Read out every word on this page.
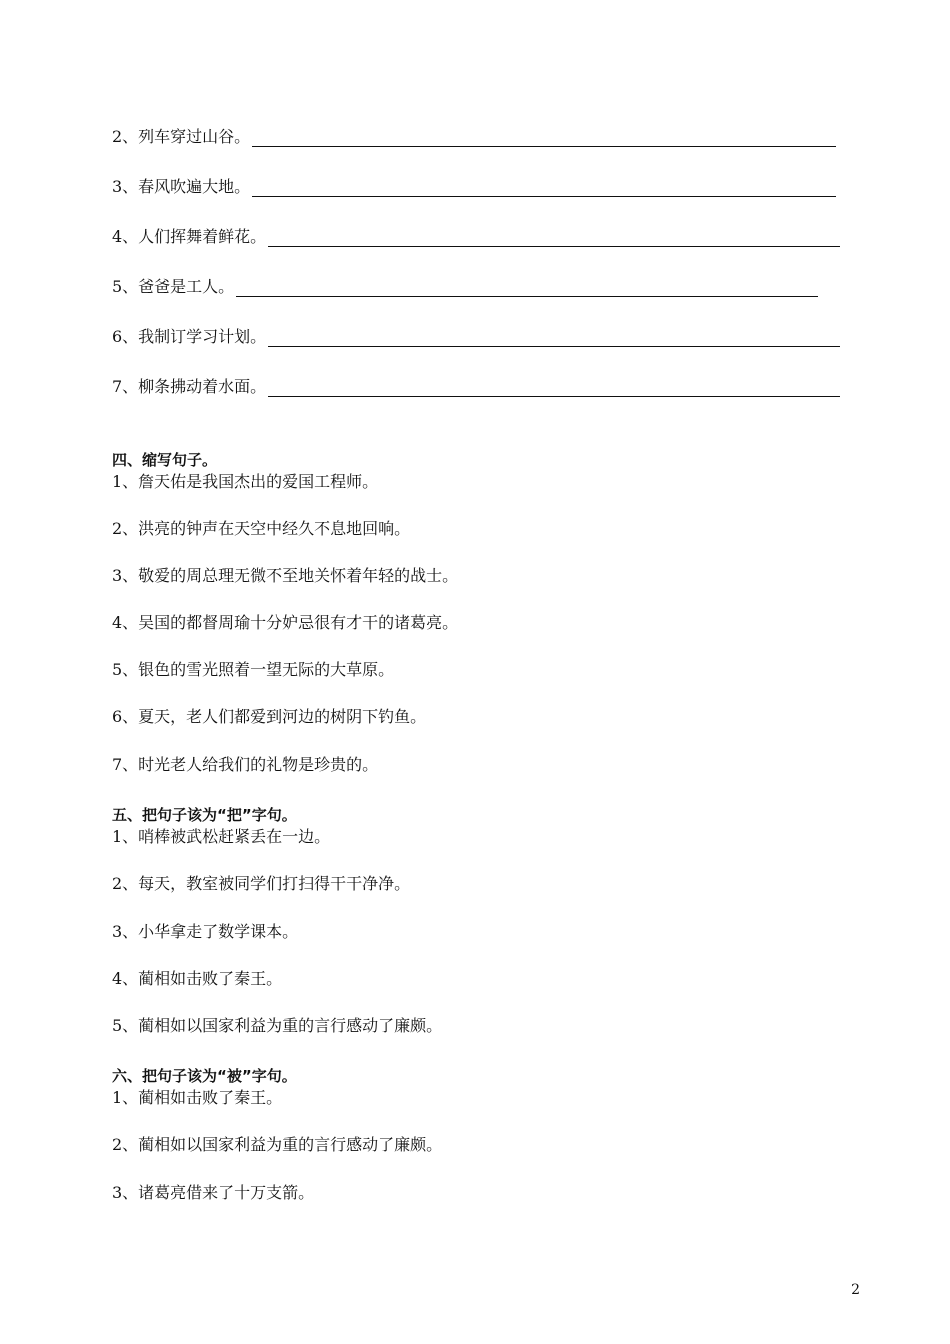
2、列车穿过山谷。
3、春风吹遍大地。
4、人们挥舞着鲜花。
5、爸爸是工人。
6、我制订学习计划。
7、柳条拂动着水面。
四、缩写句子。
1、詹天佑是我国杰出的爱国工程师。
2、洪亮的钟声在天空中经久不息地回响。
3、敬爱的周总理无微不至地关怀着年轻的战士。
4、吴国的都督周瑜十分妒忌很有才干的诸葛亮。
5、银色的雪光照着一望无际的大草原。
6、夏天，老人们都爱到河边的树阴下钓鱼。
7、时光老人给我们的礼物是珍贵的。
五、把句子该为“把”字句。
1、哨棒被武松赶紧丢在一边。
2、每天，教室被同学们打扫得干干净净。
3、小华拿走了数学课本。
4、蔺相如击败了秦王。
5、蔺相如以国家利益为重的言行感动了廉颇。
六、把句子该为“被”字句。
1、蔺相如击败了秦王。
2、蔺相如以国家利益为重的言行感动了廉颇。
3、诸葛亮借来了十万支箭。
2
